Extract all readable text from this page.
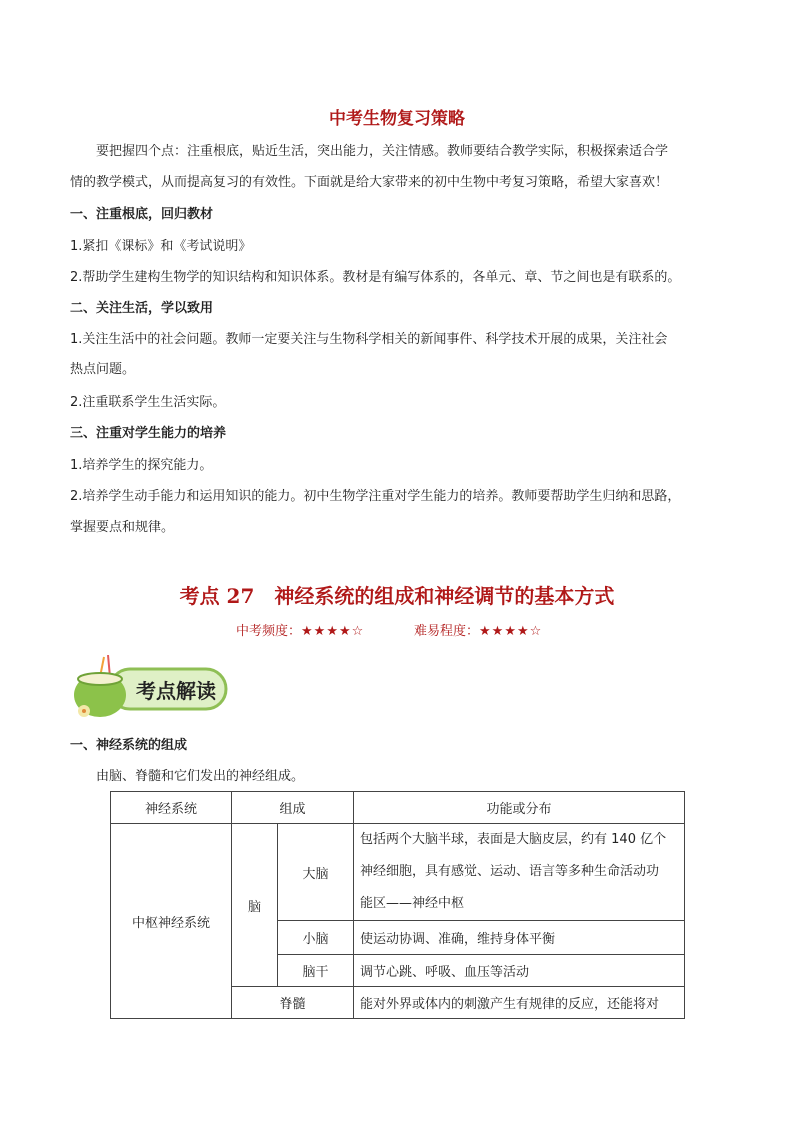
中考生物复习策略
要把握四个点：注重根底，贴近生活，突出能力，关注情感。教师要结合教学实际，积极探索适合学
情的教学模式，从而提高复习的有效性。下面就是给大家带来的初中生物中考复习策略，希望大家喜欢！
一、注重根底，回归教材
1.紧扣《课标》和《考试说明》
2.帮助学生建构生物学的知识结构和知识体系。教材是有编写体系的，各单元、章、节之间也是有联系的。
二、关注生活，学以致用
1.关注生活中的社会问题。教师一定要关注与生物科学相关的新闻事件、科学技术开展的成果，关注社会
热点问题。
2.注重联系学生生活实际。
三、注重对学生能力的培养
1.培养学生的探究能力。
2.培养学生动手能力和运用知识的能力。初中生物学注重对学生能力的培养。教师要帮助学生归纳和思路，
掌握要点和规律。
考点 27　神经系统的组成和神经调节的基本方式
中考频度：★★★★☆	难易程度：★★★★☆
考点解读
一、神经系统的组成
由脑、脊髓和它们发出的神经组成。
神经系统	组成		功能或分布
中枢神经系统	脑	大脑	包括两个大脑半球，表面是大脑皮层，约有 140 亿个
神经细胞，具有感觉、运动、语言等多种生命活动功
能区——神经中枢

		小脑	使运动协调、准确，维持身体平衡
		脑干	调节心跳、呼吸、血压等活动
	脊髓		能对外界或体内的刺激产生有规律的反应，还能将对
